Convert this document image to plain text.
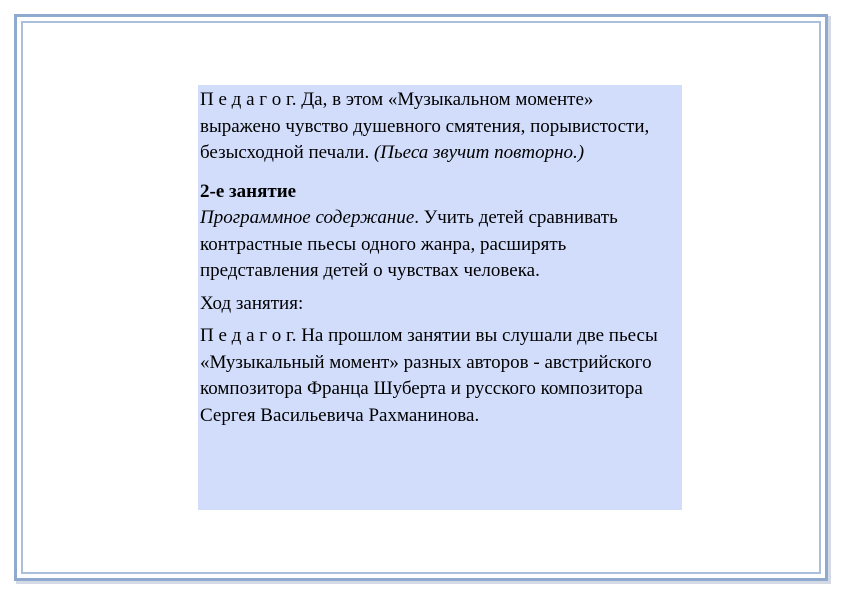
П е д а г о г. Да, в этом «Музыкальном моменте» выражено чувство душевного смятения, порывистости, безысходной печали. (Пьеса звучит повторно.)

2-е занятие

Программное содержание. Учить детей сравнивать контрастные пьесы одного жанра, расширять представления детей о чувствах человека.

Ход занятия:

П е д а г о г. На прошлом занятии вы слушали две пьесы «Музыкальный момент» разных авторов - австрийского композитора Франца Шуберта и русского композитора Сергея Васильевича Рахманинова.
